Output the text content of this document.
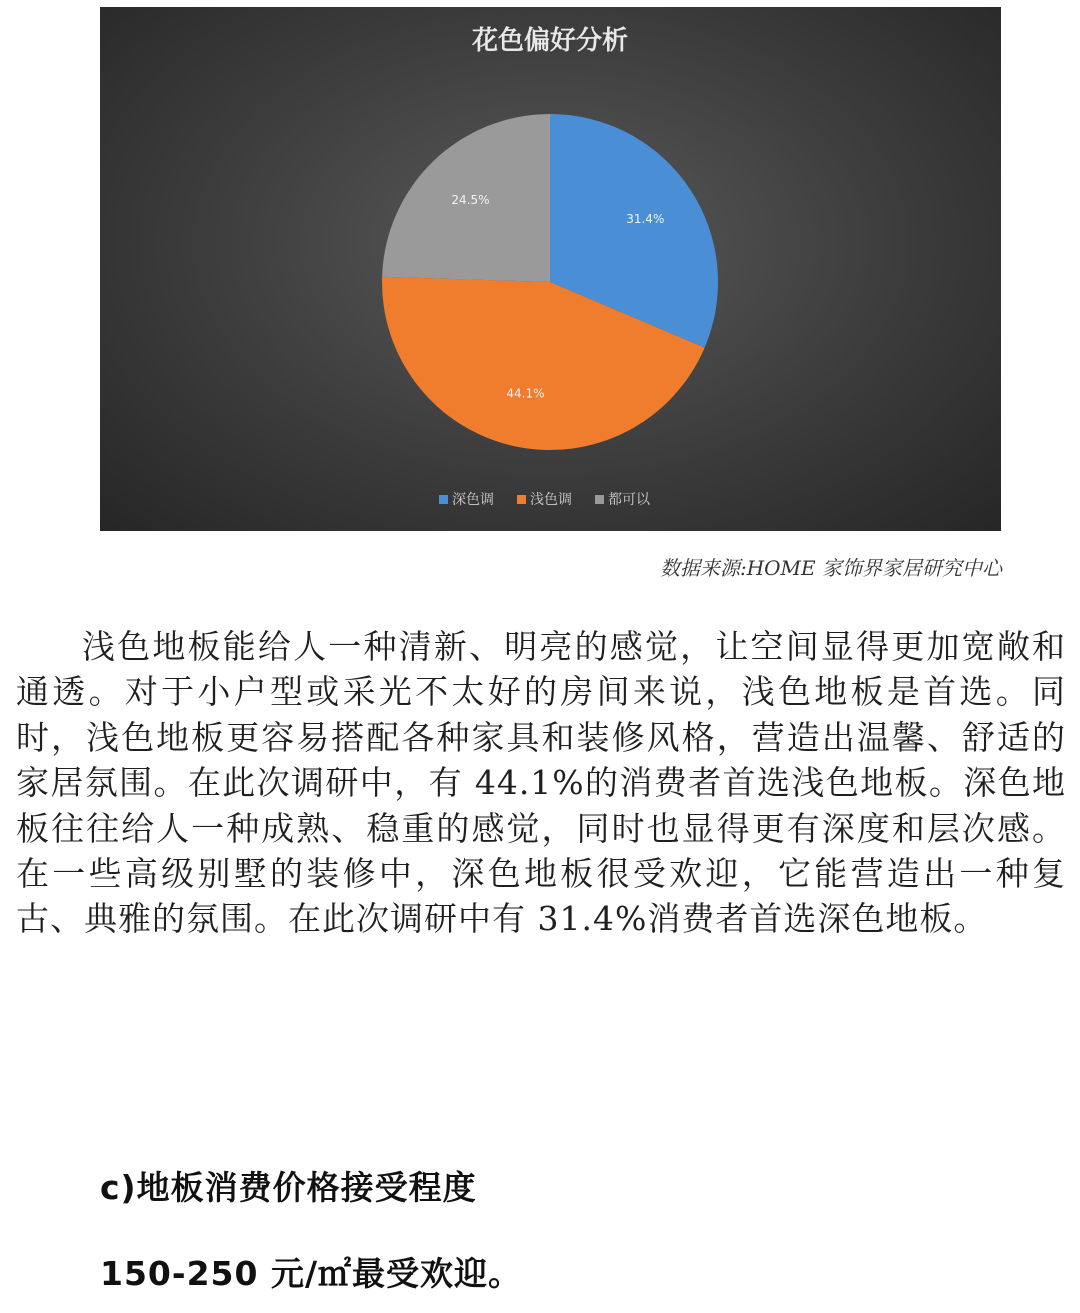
花色偏好分析
31.4%
44.1%
24.5%
深色调	浅色调	都可以
数据来源:HOME 家饰界家居研究中心

浅色地板能给人一种清新、明亮的感觉，让空间显得更加宽敞和通透。对于小户型或采光不太好的房间来说，浅色地板是首选。同时，浅色地板更容易搭配各种家具和装修风格，营造出温馨、舒适的家居氛围。在此次调研中，有 44.1%的消费者首选浅色地板。深色地板往往给人一种成熟、稳重的感觉，同时也显得更有深度和层次感。在一些高级别墅的装修中，深色地板很受欢迎，它能营造出一种复古、典雅的氛围。在此次调研中有 31.4%消费者首选深色地板。

c)地板消费价格接受程度

150-250 元/㎡最受欢迎。
